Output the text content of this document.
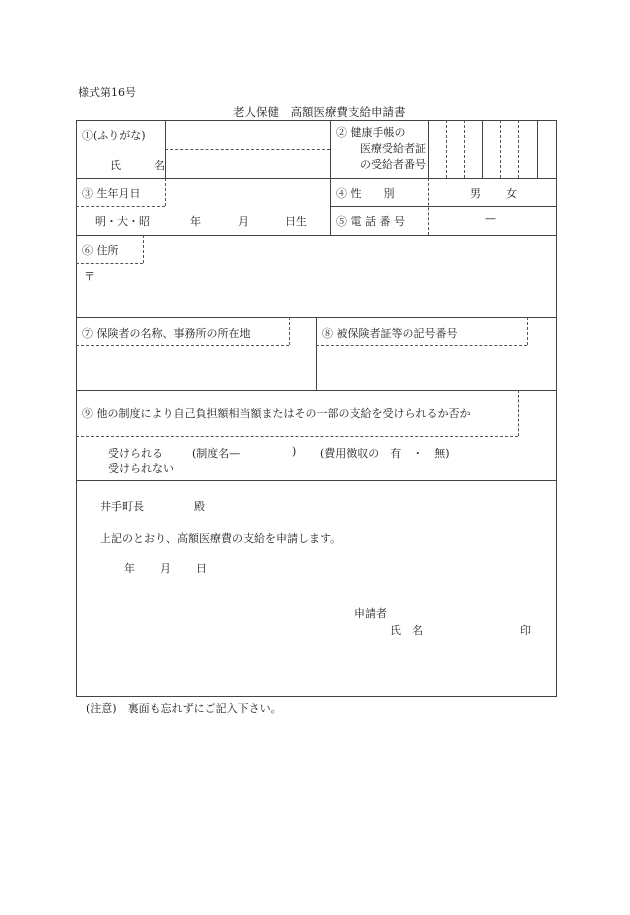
様式第16号
老人保健　高額医療費支給申請書
①(ふりがな)
氏　　　名
② 健康手帳の
医療受給者証
の受給者番号
③ 生年月日
明・大・昭	年	月	日生
④ 性　　別	男 女
⑤ 電 話 番 号	—
⑥ 住所
〒
⑦ 保険者の名称、事務所の所在地	⑧ 被保険者証等の記号番号
⑨ 他の制度により自己負担額相当額またはその一部の支給を受けられるか否か
受けられる	(制度名—	) (費用徴収の　有　・　無)
受けられない
井手町長	殿
上記のとおり、高額医療費の支給を申請します。
年 月 日
申請者
氏　名	印
(注意)　裏面も忘れずにご記入下さい。
